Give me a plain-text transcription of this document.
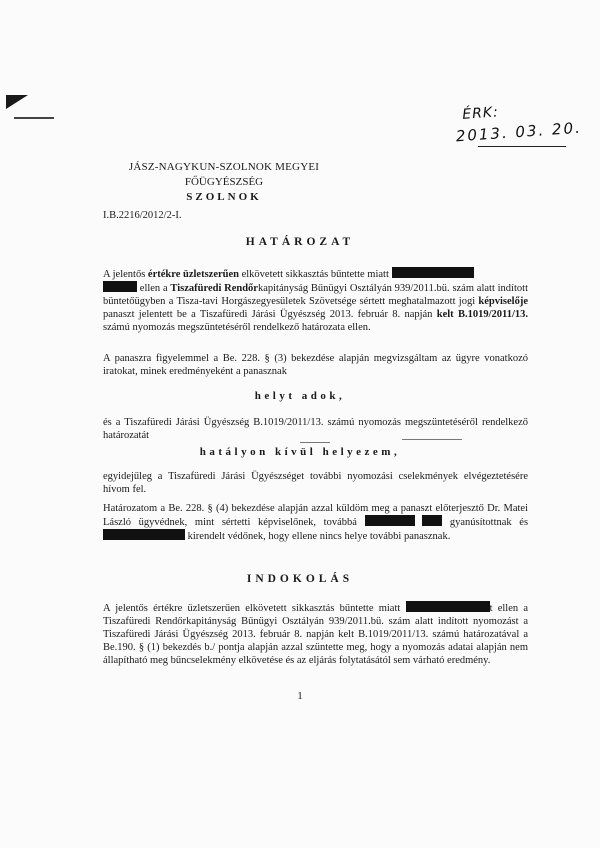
ÉRK:
2013. 03. 20.
JÁSZ-NAGYKUN-SZOLNOK MEGYEI
FŐÜGYÉSZSÉG
SZOLNOK
I.B.2216/2012/2-I.
HATÁROZAT
A jelentős értékre üzletszerűen elkövetett sikkasztás bűntette miatt
ellen a Tiszafüredi Rendőrkapitányság Bűnügyi Osztályán 939/2011.bü. szám alatt indított büntetőügyben a Tisza-tavi Horgászegyesületek Szövetsége sértett meghatalmazott jogi képviselője panaszt jelentett be a Tiszafüredi Járási Ügyészség 2013. február 8. napján kelt B.1019/2011/13. számú nyomozás megszüntetéséről rendelkező határozata ellen.
A panaszra figyelemmel a Be. 228. § (3) bekezdése alapján megvizsgáltam az ügyre vonatkozó iratokat, minek eredményeként a panasznak
helyt adok,
és a Tiszafüredi Járási Ügyészség B.1019/2011/13. számú nyomozás megszüntetéséről rendelkező határozatát
hatályon kívül helyezem,
egyidejűleg a Tiszafüredi Járási Ügyészséget további nyomozási cselekmények elvégeztetésére hívom fel.
Határozatom a Be. 228. § (4) bekezdése alapján azzal küldöm meg a panaszt előterjesztő Dr. Matei László ügyvédnek, mint sértetti képviselőnek, továbbá	gyanúsítottnak és  kirendelt védőnek, hogy ellene nincs helye további panasznak.
INDOKOLÁS
A jelentős értékre üzletszerűen elkövetett sikkasztás bűntette miatt	t ellen a Tiszafüredi Rendőrkapitányság Bűnügyi Osztályán 939/2011.bü. szám alatt indított nyomozást a Tiszafüredi Járási Ügyészség 2013. február 8. napján kelt B.1019/2011/13. számú határozatával a Be.190. § (1) bekezdés b./ pontja alapján azzal szüntette meg, hogy a nyomozás adatai alapján nem állapítható meg bűncselekmény elkövetése és az eljárás folytatásától sem várható eredmény.
1
